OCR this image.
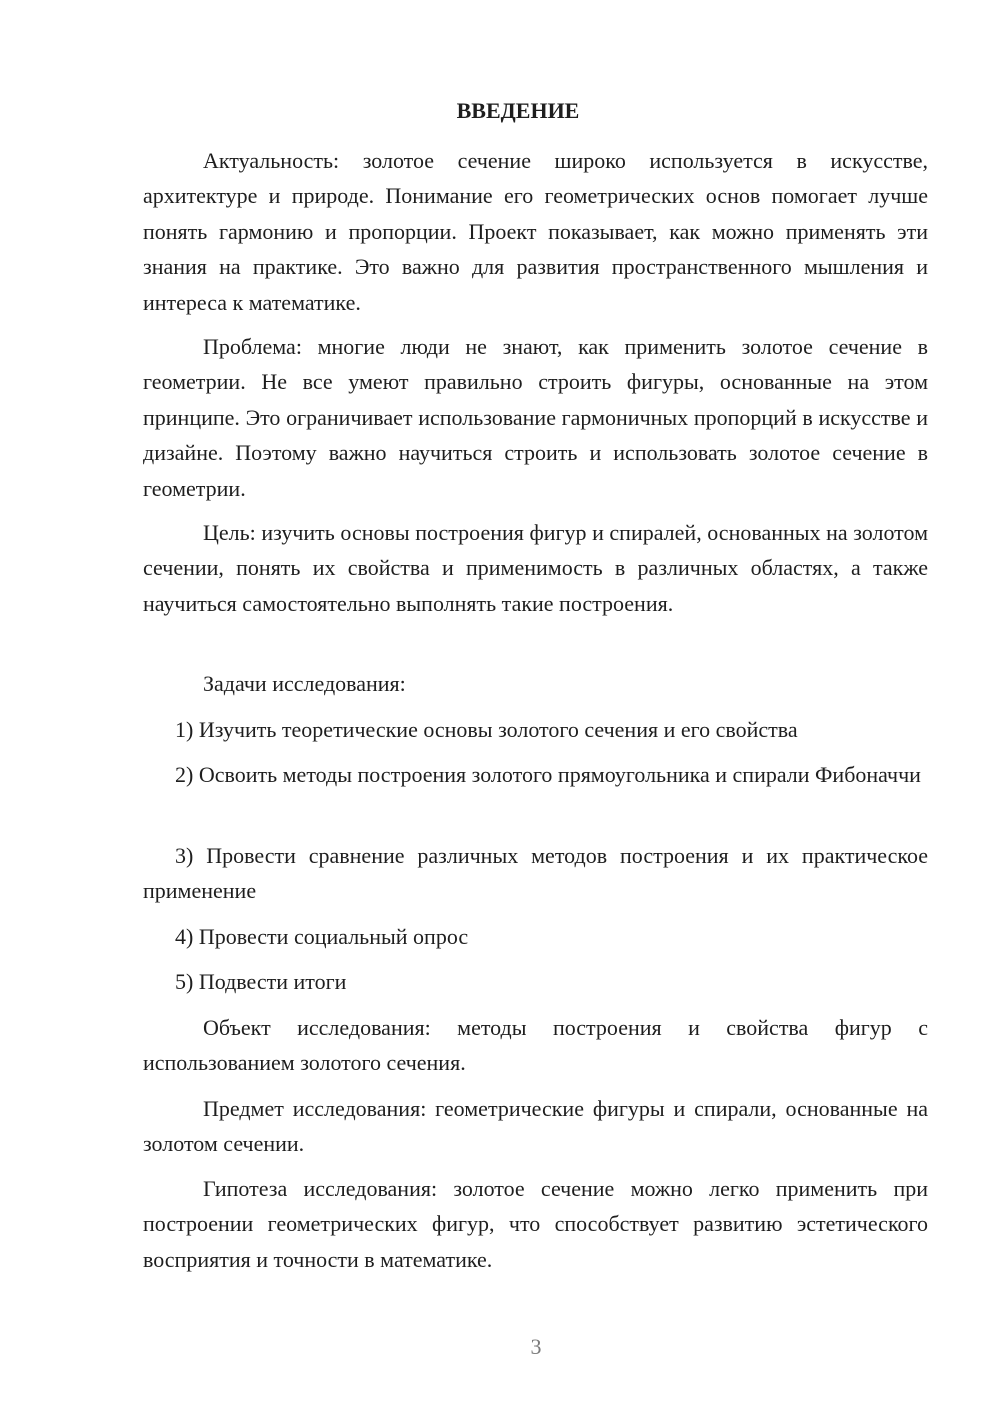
ВВЕДЕНИЕ

Актуальность: золотое сечение широко используется в искусстве, архитектуре и природе. Понимание его геометрических основ помогает лучше понять гармонию и пропорции. Проект показывает, как можно применять эти знания на практике. Это важно для развития пространственного мышления и интереса к математике.

Проблема: многие люди не знают, как применить золотое сечение в геометрии. Не все умеют правильно строить фигуры, основанные на этом принципе. Это ограничивает использование гармоничных пропорций в искусстве и дизайне. Поэтому важно научиться строить и использовать золотое сечение в геометрии.

Цель: изучить основы построения фигур и спиралей, основанных на золотом сечении, понять их свойства и применимость в различных областях, а также научиться самостоятельно выполнять такие построения.

Задачи исследования:

1) Изучить теоретические основы золотого сечения и его свойства

2) Освоить методы построения золотого прямоугольника и спирали Фибоначчи

3) Провести сравнение различных методов построения и их практическое применение

4) Провести социальный опрос

5) Подвести итоги

Объект исследования: методы построения и свойства фигур с использованием золотого сечения.

Предмет исследования: геометрические фигуры и спирали, основанные на золотом сечении.

Гипотеза исследования: золотое сечение можно легко применить при построении геометрических фигур, что способствует развитию эстетического восприятия и точности в математике.

3
